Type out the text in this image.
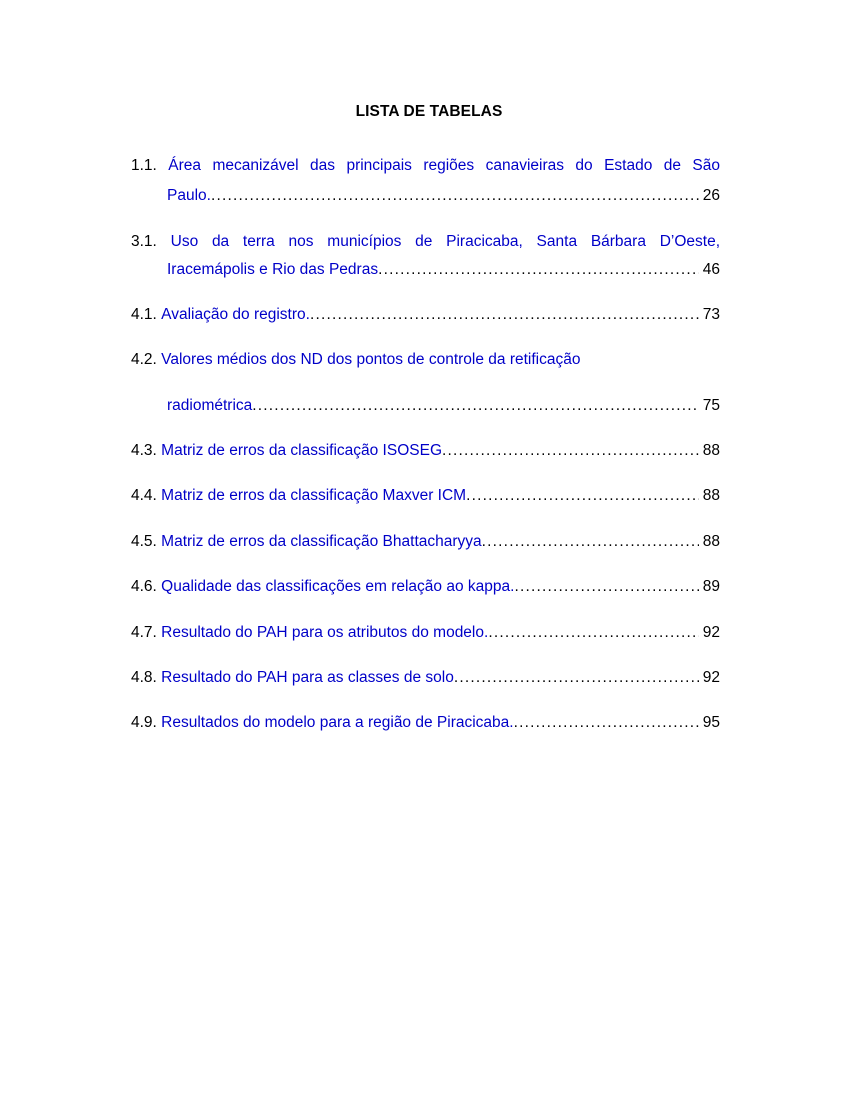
LISTA DE TABELAS
1.1. Área mecanizável das principais regiões canavieiras do Estado de São
Paulo. .....	26
3.1. Uso da terra nos municípios de Piracicaba, Santa Bárbara D’Oeste,
Iracemápolis e Rio das Pedras .....	46
4.1. Avaliação do registro. .....	73
4.2. Valores médios dos ND dos pontos de controle da retificação
radiométrica .....	75
4.3. Matriz de erros da classificação ISOSEG .....	88
4.4. Matriz de erros da classificação Maxver ICM .....	88
4.5. Matriz de erros da classificação Bhattacharyya .....	88
4.6. Qualidade das classificações em relação ao kappa. .....	89
4.7. Resultado do PAH para os atributos do modelo. .....	92
4.8. Resultado do PAH para as classes de solo .....	92
4.9. Resultados do modelo para a região de Piracicaba. .....	95
